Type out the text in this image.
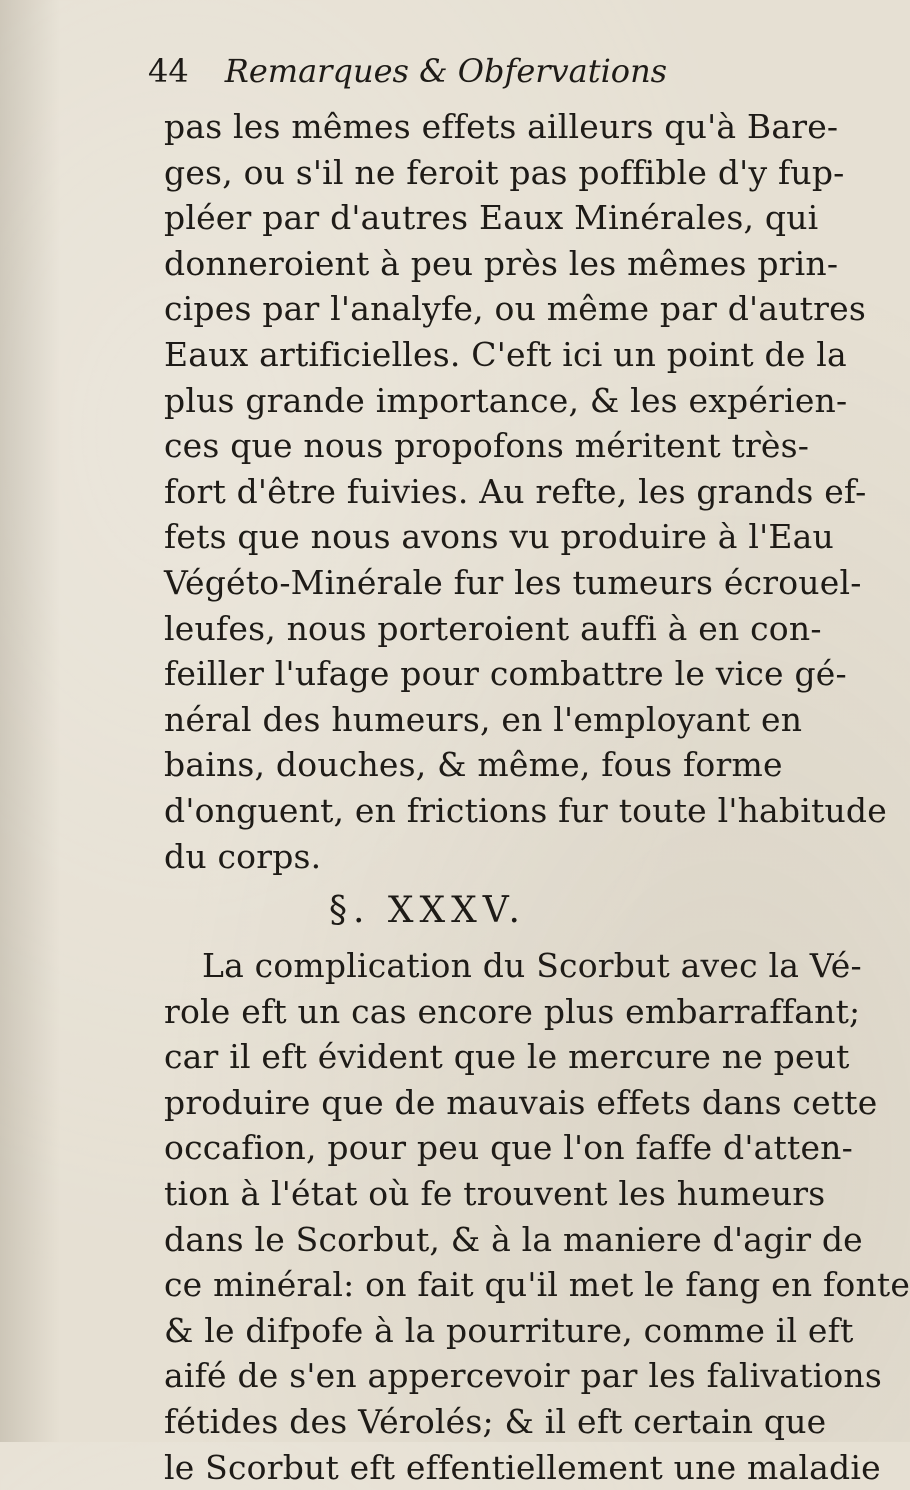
44 Remarques & Obfervations
pas les mêmes effets ailleurs qu'à Bare-
ges, ou s'il ne feroit pas poffible d'y fup-
pléer par d'autres Eaux Minérales, qui
donneroient à peu près les mêmes prin-
cipes par l'analyfe, ou même par d'autres
Eaux artificielles. C'eft ici un point de la
plus grande importance, & les expérien-
ces que nous propofons méritent très-
fort d'être fuivies. Au refte, les grands ef-
fets que nous avons vu produire à l'Eau
Végéto-Minérale fur les tumeurs écrouel-
leufes, nous porteroient auffi à en con-
feiller l'ufage pour combattre le vice gé-
néral des humeurs, en l'employant en
bains, douches, & même, fous forme
d'onguent, en frictions fur toute l'habitude
du corps.
§. XXXV.
La complication du Scorbut avec la Vé-
role eft un cas encore plus embarraffant;
car il eft évident que le mercure ne peut
produire que de mauvais effets dans cette
occafion, pour peu que l'on faffe d'atten-
tion à l'état où fe trouvent les humeurs
dans le Scorbut, & à la maniere d'agir de
ce minéral: on fait qu'il met le fang en fonte
& le difpofe à la pourriture, comme il eft
aifé de s'en appercevoir par les falivations
fétides des Vérolés; & il eft certain que
le Scorbut eft effentiellement une maladie
